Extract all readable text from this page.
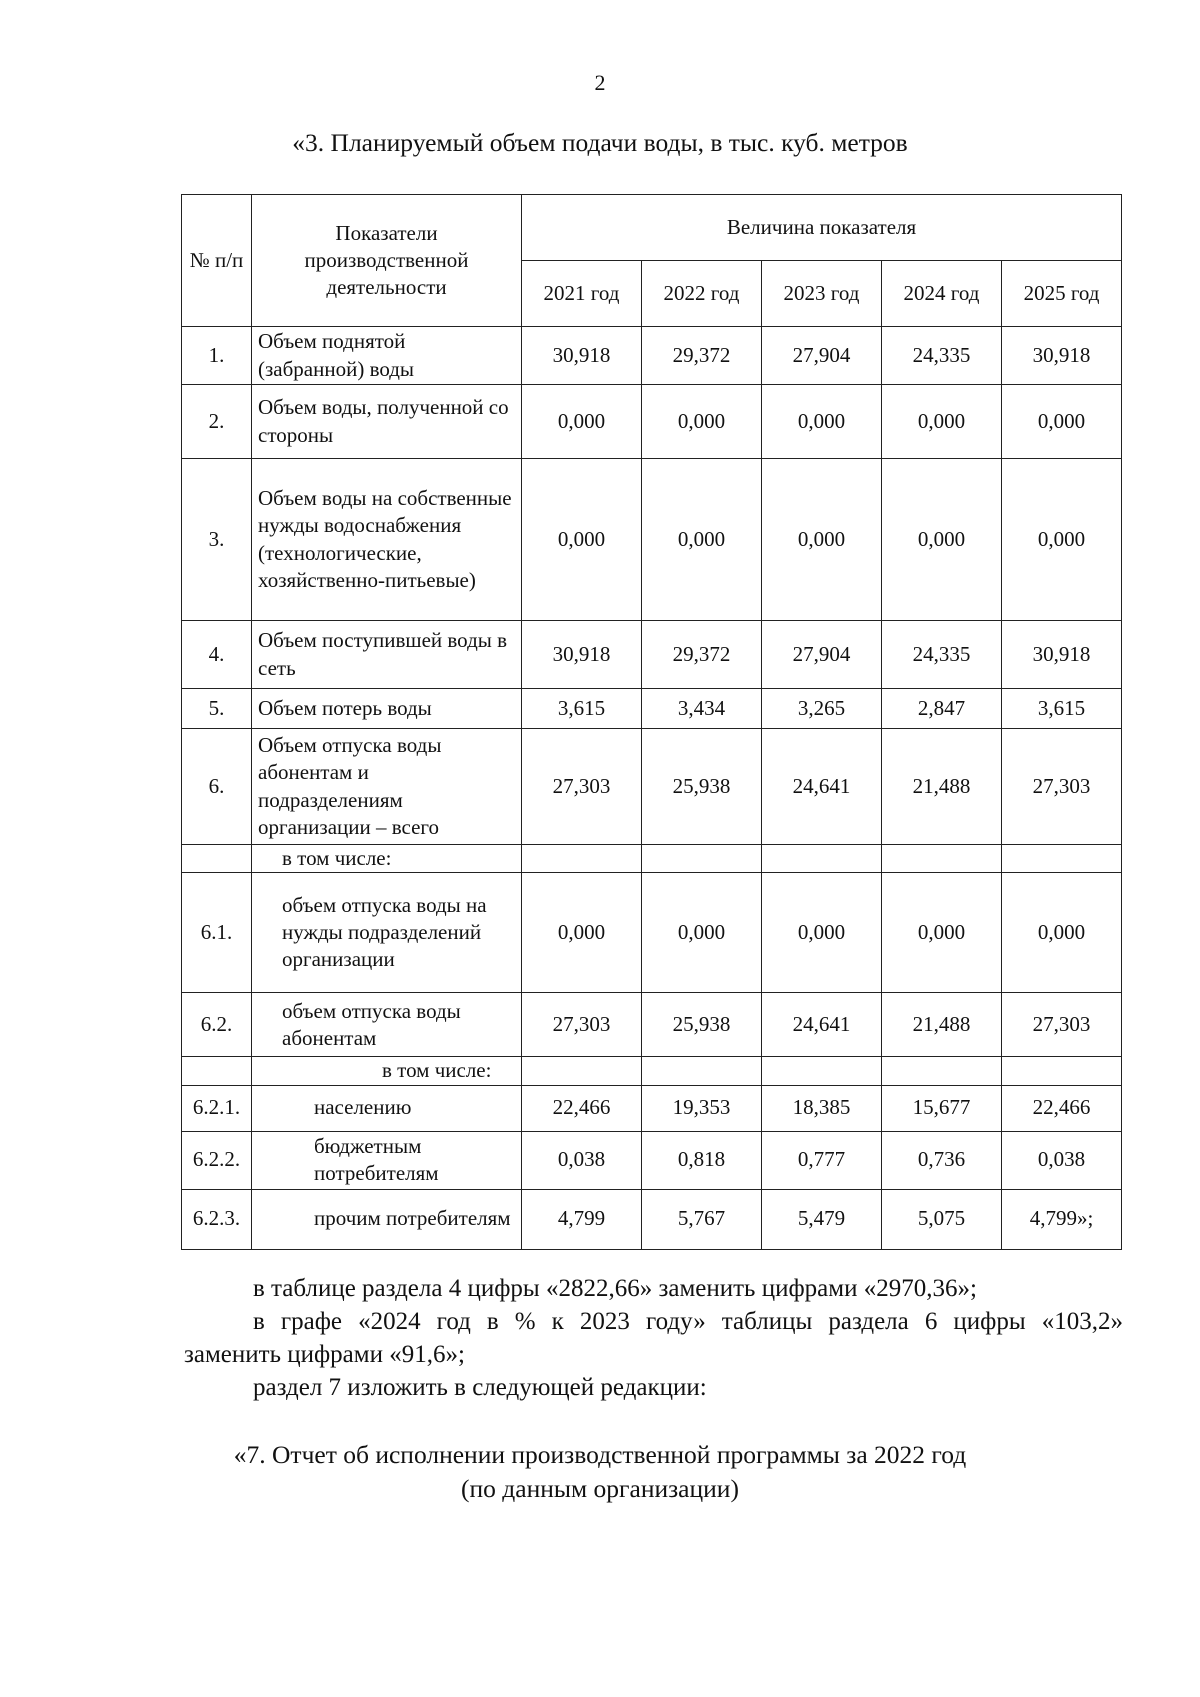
2
«3. Планируемый объем подачи воды, в тыс. куб. метров
№ п/п	Показатели производственной деятельности	Величина показателя				
		2021 год	2022 год	2023 год	2024 год	2025 год
1.	Объем поднятой (забранной) воды	30,918	29,372	27,904	24,335	30,918
2.	Объем воды, полученной со стороны	0,000	0,000	0,000	0,000	0,000
3.	Объем воды на собственные нужды водоснабжения (технологические, хозяйственно-питьевые)	0,000	0,000	0,000	0,000	0,000
4.	Объем поступившей воды в сеть	30,918	29,372	27,904	24,335	30,918
5.	Объем потерь воды	3,615	3,434	3,265	2,847	3,615
6.	Объем отпуска воды абонентам и подразделениям организации – всего	27,303	25,938	24,641	21,488	27,303
	в том числе:					
6.1.	объем отпуска воды на нужды подразделений организации	0,000	0,000	0,000	0,000	0,000
6.2.	объем отпуска воды абонентам	27,303	25,938	24,641	21,488	27,303
	в том числе:					
6.2.1.	населению	22,466	19,353	18,385	15,677	22,466
6.2.2.	бюджетным потребителям	0,038	0,818	0,777	0,736	0,038
6.2.3.	прочим потребителям	4,799	5,767	5,479	5,075	4,799»;
в таблице раздела 4 цифры «2822,66» заменить цифрами «2970,36»;
в графе «2024 год в % к 2023 году» таблицы раздела 6 цифры «103,2»
заменить цифрами «91,6»;
раздел 7 изложить в следующей редакции:
«7. Отчет об исполнении производственной программы за 2022 год
(по данным организации)
